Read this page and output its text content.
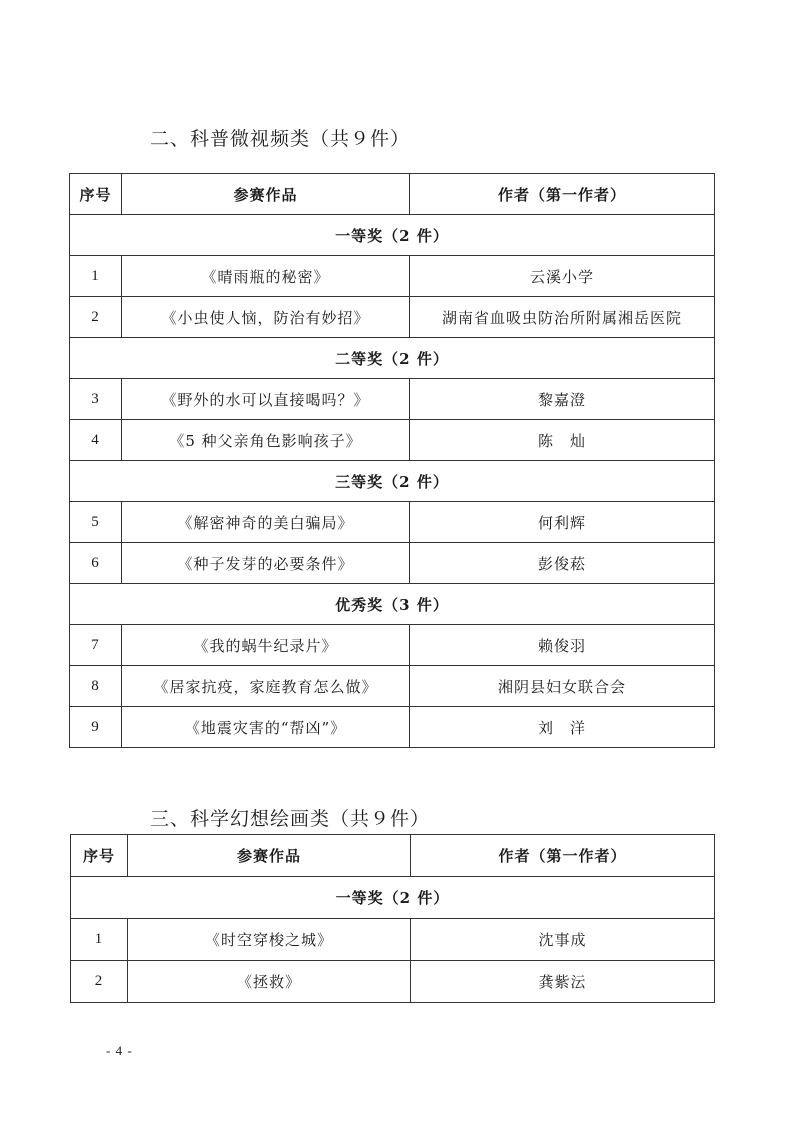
二、科普微视频类（共９件）
序号	参赛作品	作者（第一作者）
一等奖（2 件）		
1	《晴雨瓶的秘密》	云溪小学
2	《小虫使人恼，防治有妙招》	湖南省血吸虫防治所附属湘岳医院
二等奖（2 件）		
3	《野外的水可以直接喝吗？》	黎嘉澄
4	《5 种父亲角色影响孩子》	陈　灿
三等奖（2 件）		
5	《解密神奇的美白骗局》	何利辉
6	《种子发芽的必要条件》	彭俊菘
优秀奖（3 件）		
7	《我的蜗牛纪录片》	赖俊羽
8	《居家抗疫，家庭教育怎么做》	湘阴县妇女联合会
9	《地震灾害的“帮凶”》	刘　洋
三、科学幻想绘画类（共９件）
序号	参赛作品	作者（第一作者）
一等奖（2 件）		
1	《时空穿梭之城》	沈事成
2	《拯救》	龚紫沄
- 4 -
